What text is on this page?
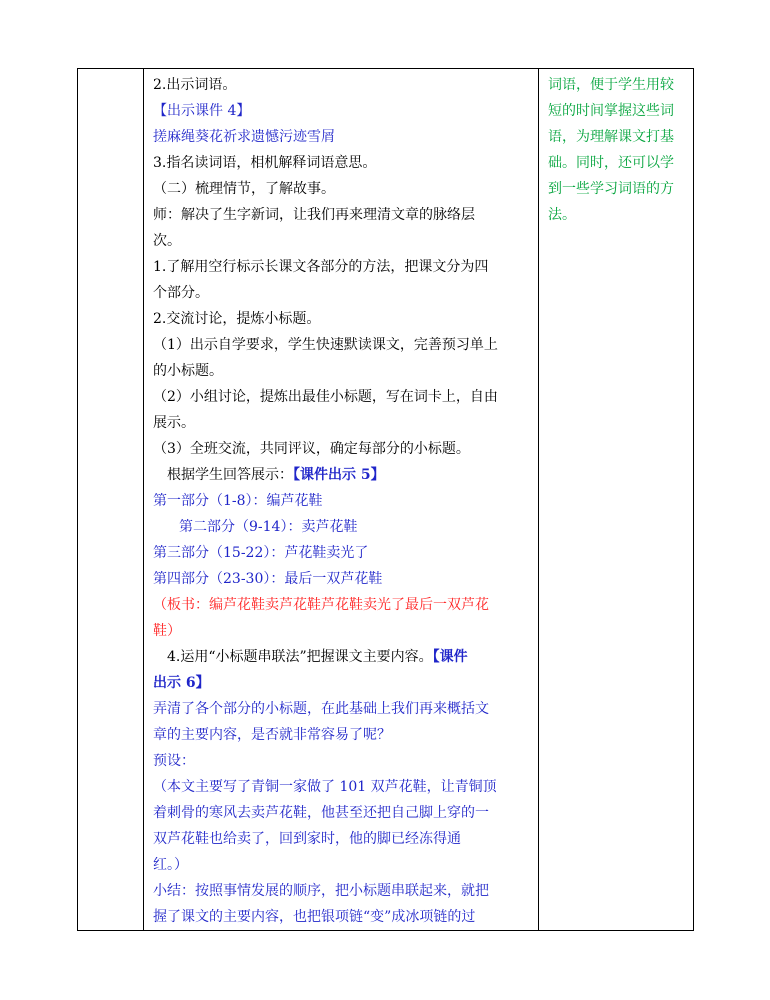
2.出示词语。
【出示课件 4】
搓麻绳葵花祈求遗憾污迹雪屑
3.指名读词语，相机解释词语意思。
（二）梳理情节，了解故事。
师：解决了生字新词，让我们再来理清文章的脉络层
次。
1.了解用空行标示长课文各部分的方法，把课文分为四
个部分。
2.交流讨论，提炼小标题。
（1）出示自学要求，学生快速默读课文，完善预习单上
的小标题。
（2）小组讨论，提炼出最佳小标题，写在词卡上，自由
展示。
（3）全班交流，共同评议，确定每部分的小标题。
根据学生回答展示：【课件出示 5】
第一部分（1-8）：编芦花鞋
第二部分（9-14）：卖芦花鞋
第三部分（15-22）：芦花鞋卖光了
第四部分（23-30）：最后一双芦花鞋
（板书：编芦花鞋卖芦花鞋芦花鞋卖光了最后一双芦花
鞋）
4.运用“小标题串联法”把握课文主要内容。【课件
出示 6】
弄清了各个部分的小标题，在此基础上我们再来概括文
章的主要内容，是否就非常容易了呢？
预设：
（本文主要写了青铜一家做了 101 双芦花鞋，让青铜顶
着刺骨的寒风去卖芦花鞋，他甚至还把自己脚上穿的一
双芦花鞋也给卖了，回到家时，他的脚已经冻得通
红。）
小结：按照事情发展的顺序，把小标题串联起来，就把
握了课文的主要内容，也把银项链“变”成冰项链的过
词语，便于学生用较
短的时间掌握这些词
语，为理解课文打基
础。同时，还可以学
到一些学习词语的方
法。
